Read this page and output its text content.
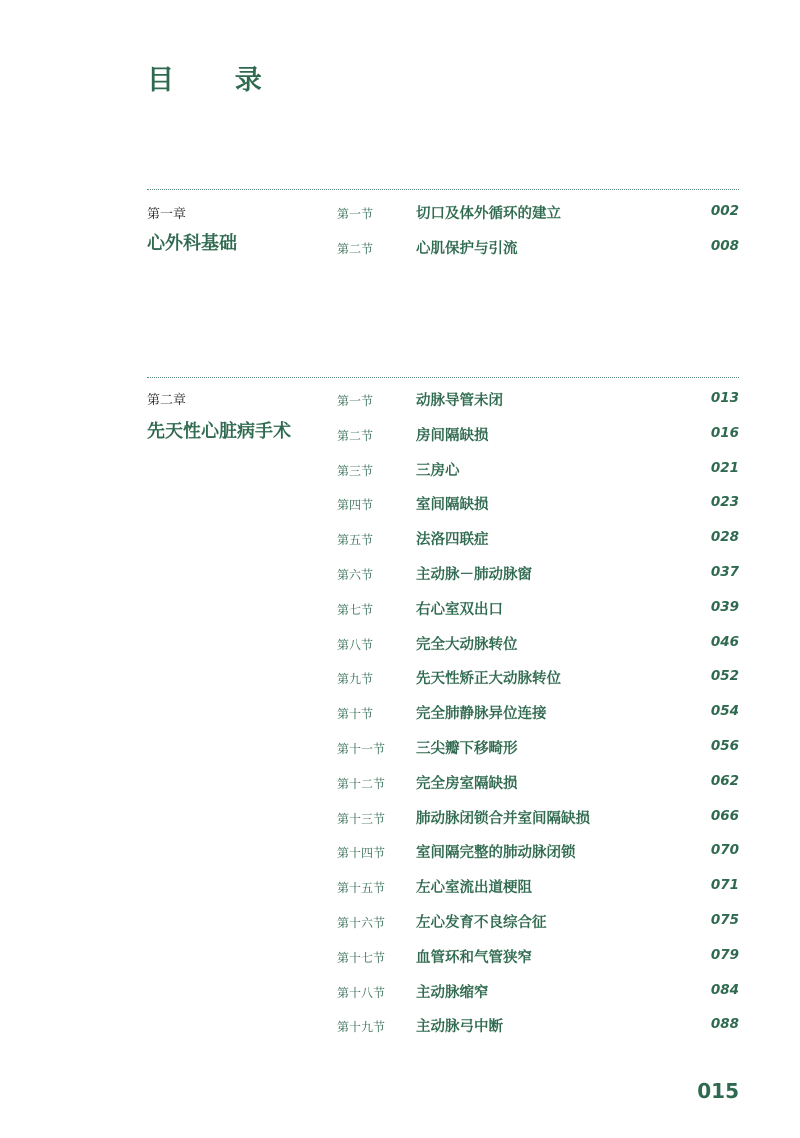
目  录
第一章
心外科基础
第一节	切口及体外循环的建立	002
第二节	心肌保护与引流	008
第二章
先天性心脏病手术
第一节	动脉导管未闭	013
第二节	房间隔缺损	016
第三节	三房心	021
第四节	室间隔缺损	023
第五节	法洛四联症	028
第六节	主动脉－肺动脉窗	037
第七节	右心室双出口	039
第八节	完全大动脉转位	046
第九节	先天性矫正大动脉转位	052
第十节	完全肺静脉异位连接	054
第十一节 三尖瓣下移畸形	056
第十二节 完全房室隔缺损	062
第十三节 肺动脉闭锁合并室间隔缺损	066
第十四节 室间隔完整的肺动脉闭锁	070
第十五节 左心室流出道梗阻	071
第十六节 左心发育不良综合征	075
第十七节 血管环和气管狭窄	079
第十八节 主动脉缩窄	084
第十九节 主动脉弓中断	088
015
